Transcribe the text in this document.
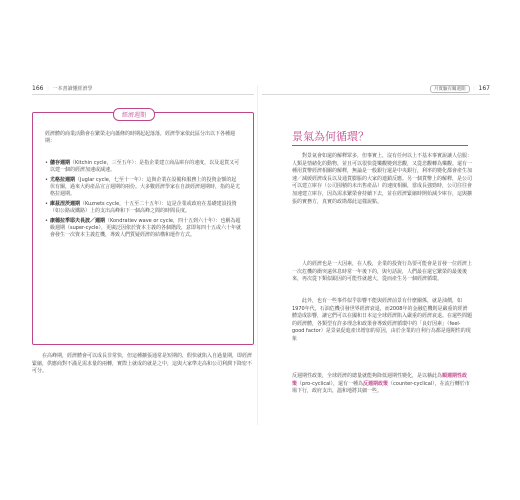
166 ｜ 一本書讀懂經濟學
經濟週期
經濟體的商業活動會在繁榮走向蕭條的時期起起落落，經濟學家依此區分出以下各種週期：
• 儲存週期（Kitchin cycle，三至五年）：是指企業建立商品庫存的速度，以及退貨又可以建一個的經濟加速或減速。
• 尤格拉週期（Juglar cycle，七至十一年）：這與企業在設備和服務上的投資金額的起伏有關，過來大約產品宣言週期的兩份。大多數經濟學家在自談經濟週期時，指的是尤格拉週期。
• 庫茲涅茨週期（Kuznets cycle，十五至二十五年）：這是企業或政府在基礎建設投資（如公路或鐵路）上的支出高峰和下一個高峰之間的時間長度。
• 康德拉季耶夫長波／週期（Kondratiev wave or cycle，四十五到六十年）：也稱為超級週期（super-cycle），更廣泛因依於資本主義的各個階段，意即每四十五或六十年就會發生一次資本主義危機，導致人們質疑經濟的結構和運作方式。

在高峰期，經濟體會可以成長非常快，但這種擴張通常是短期的，假快就陷入自過量期，即經濟緊縮，供應商對不滿足需求量的兩轉，實際上就成的就是之中，這與大家準走高和公司利潤下降密不可分。

月實驗有關週期 ｜ 167
景氣為何循環？

對景氣會如還的解釋眾多，但事實上，沒有任何以上不基本事實說讓人信服：人類是情緒化的動物，並且可以很快從樂觀變到悲觀，又從悲觀轉為樂觀。還有一種用貨幣經濟相關的解釋，無論是一般銀行還是中央銀行，利率的變化都會產生加速／減緩經濟成長以及通貨膨脹的大家的連鎖反應。另一個貨幣上的解釋，是公司可以建立庫存（公司囤積的未出售產品）的速度相關，當成長強勁時，公司往往會加速建立庫存，因為需求繁榮會持續下去，並在經濟緊縮時開始減少庫存，這與擴張的實務方，真實的政勘都此這樣說點。

人的經濟也是一大因素，在人般，企業的投資行為要可能會是首發一位經濟上一次危機的衝突遠休息時常一年後下的，與句話說，人們最在還它繁榮的最後後來，再次從下類似跟因的可能性就越大，從而產生另一個經濟循環。

此外，也有一些事件似乎影響不能與經濟前景有什麼關係，就是油價，如1970年代，石油危機引發世界經濟衰退，而2008年的金融危機則是嚴重的經濟體造成影響，讓它們可以在國和日本這全球經濟陷入嚴重的經濟衰退。在還些問題的經濟體，各類型有許多理念和政策會導致經濟循環中的「良好因素」（feel-good factor）是景氣促進產出增加的原因，由於企業的自利行為都是週期性的現象

反週期性政策，全球經濟的總量就能夠降低週期性變化，是以稱此為順週期性政策（pro-cyclical），還有一種為反週期政策（counter-cyclical），在流行轉於市場下行，政府支出，溫和地將其細一些。
